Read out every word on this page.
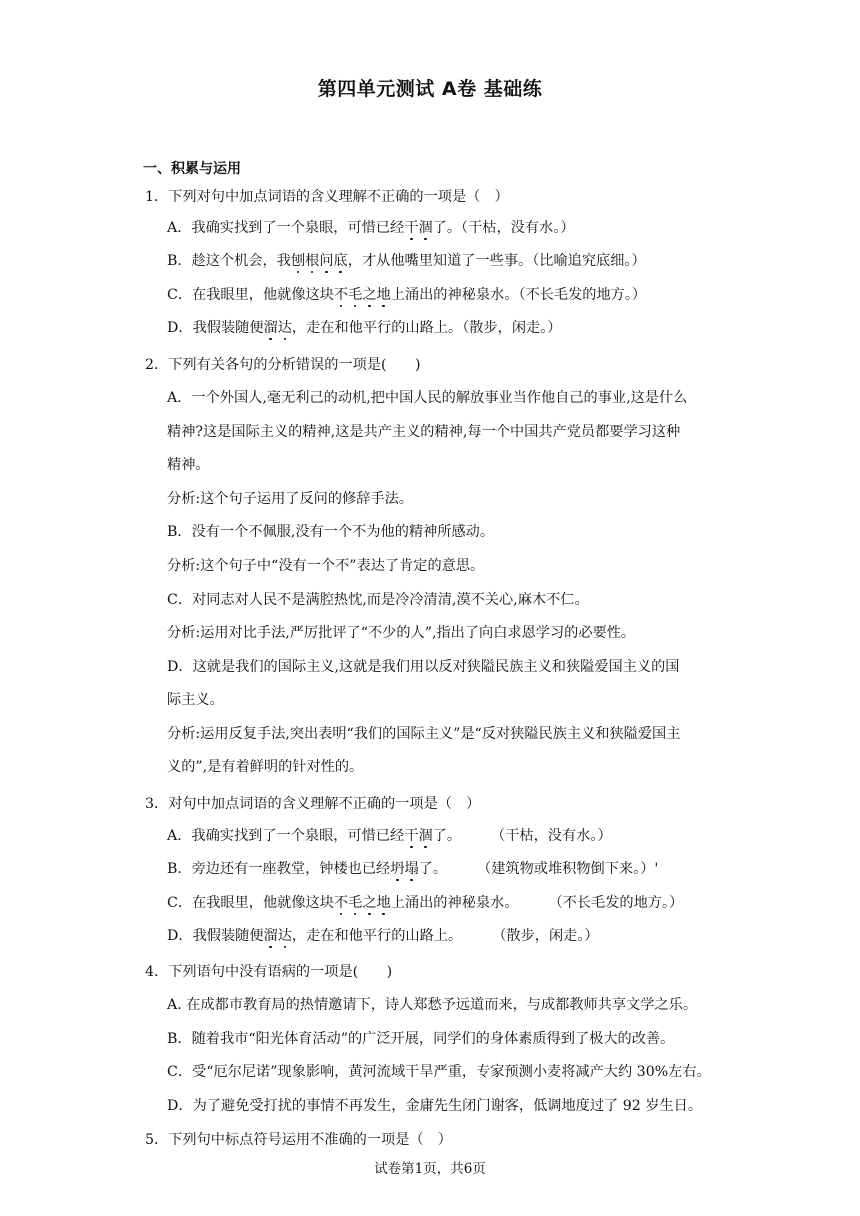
第四单元测试 A卷 基础练
一、积累与运用
1．下列对句中加点词语的含义理解不正确的一项是（　）
A．我确实找到了一个泉眼，可惜已经干涸了。（干枯，没有水。）
B．趁这个机会，我刨根问底，才从他嘴里知道了一些事。（比喻追究底细。）
C．在我眼里，他就像这块不毛之地上涌出的神秘泉水。（不长毛发的地方。）
D．我假装随便溜达，走在和他平行的山路上。（散步，闲走。）
2．下列有关各句的分析错误的一项是(　　)
A．一个外国人,毫无利己的动机,把中国人民的解放事业当作他自己的事业,这是什么
精神?这是国际主义的精神,这是共产主义的精神,每一个中国共产党员都要学习这种
精神。
分析:这个句子运用了反问的修辞手法。
B．没有一个不佩服,没有一个不为他的精神所感动。
分析:这个句子中“没有一个不”表达了肯定的意思。
C．对同志对人民不是满腔热忱,而是冷冷清清,漠不关心,麻木不仁。
分析:运用对比手法,严厉批评了“不少的人”,指出了向白求恩学习的必要性。
D．这就是我们的国际主义,这就是我们用以反对狭隘民族主义和狭隘爱国主义的国
际主义。
分析:运用反复手法,突出表明“我们的国际主义”是“反对狭隘民族主义和狭隘爱国主
义的”,是有着鲜明的针对性的。
3．对句中加点词语的含义理解不正确的一项是（　）
A．我确实找到了一个泉眼，可惜已经干涸了。 （干枯，没有水。）
B．旁边还有一座教堂，钟楼也已经坍塌了。 （建筑物或堆积物倒下来。）'
C．在我眼里，他就像这块不毛之地上涌出的神秘泉水。 （不长毛发的地方。）
D．我假装随便溜达，走在和他平行的山路上。 （散步，闲走。）
4．下列语句中没有语病的一项是(　　)
A. 在成都市教育局的热情邀请下，诗人郑愁予远道而来，与成都教师共享文学之乐。
B．随着我市“阳光体育活动”的广泛开展，同学们的身体素质得到了极大的改善。
C．受“厄尔尼诺”现象影响，黄河流域干旱严重，专家预测小麦将减产大约 30%左右。
D．为了避免受打扰的事情不再发生，金庸先生闭门谢客，低调地度过了 92 岁生日。
5．下列句中标点符号运用不准确的一项是（　）
试卷第1页，共6页
